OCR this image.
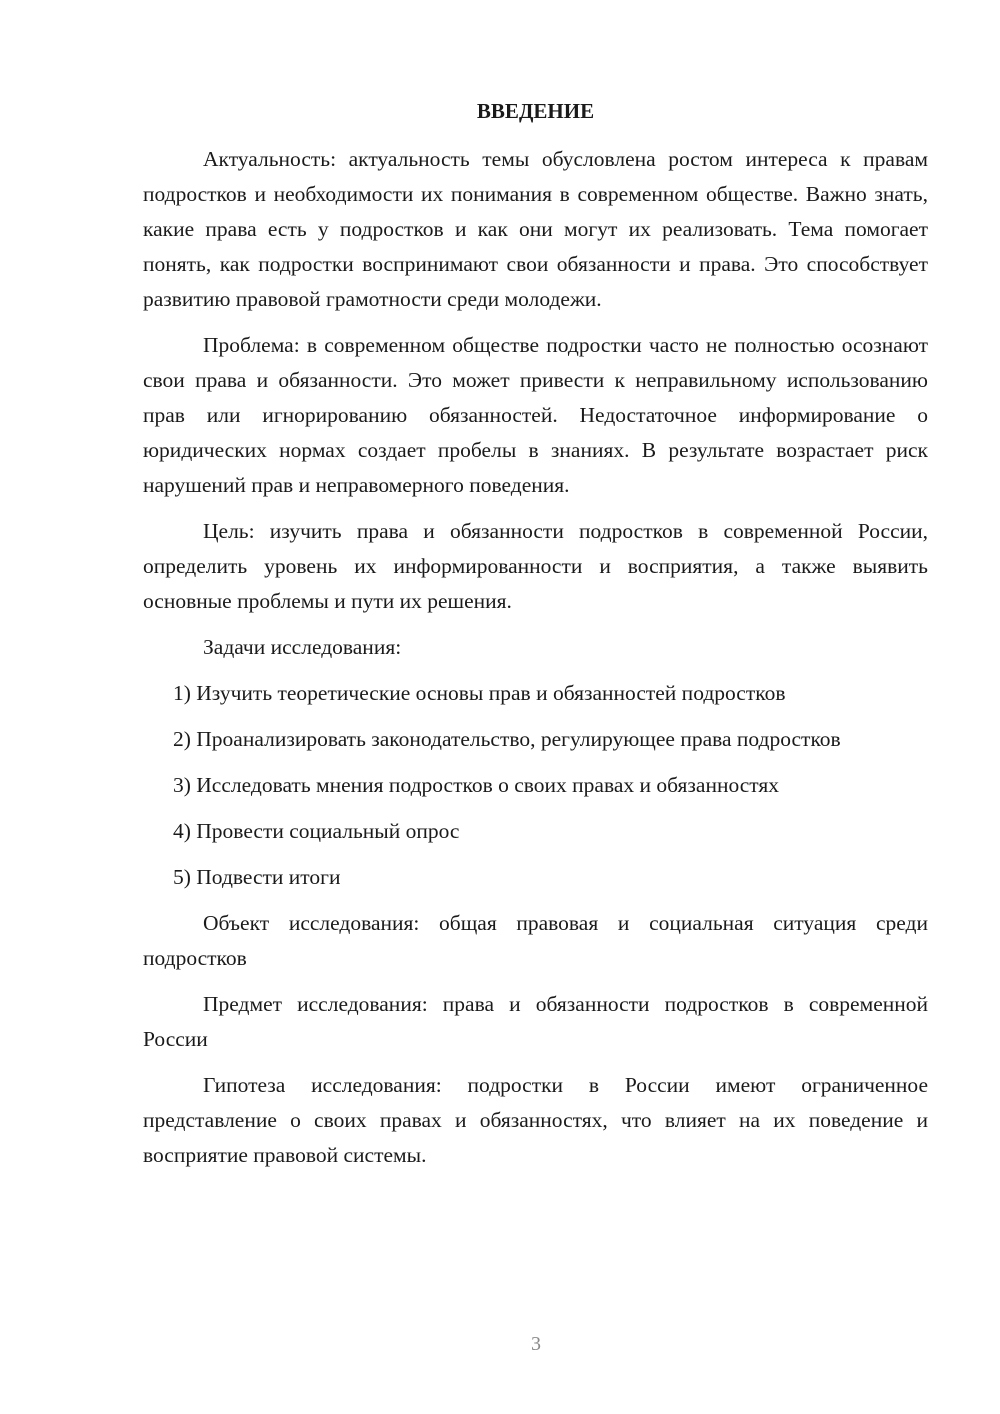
ВВЕДЕНИЕ

Актуальность: актуальность темы обусловлена ростом интереса к правам подростков и необходимости их понимания в современном обществе. Важно знать, какие права есть у подростков и как они могут их реализовать. Тема помогает понять, как подростки воспринимают свои обязанности и права. Это способствует развитию правовой грамотности среди молодежи.

Проблема: в современном обществе подростки часто не полностью осознают свои права и обязанности. Это может привести к неправильному использованию прав или игнорированию обязанностей. Недостаточное информирование о юридических нормах создает пробелы в знаниях. В результате возрастает риск нарушений прав и неправомерного поведения.

Цель: изучить права и обязанности подростков в современной России, определить уровень их информированности и восприятия, а также выявить основные проблемы и пути их решения.

Задачи исследования:

1) Изучить теоретические основы прав и обязанностей подростков

2) Проанализировать законодательство, регулирующее права подростков

3) Исследовать мнения подростков о своих правах и обязанностях

4) Провести социальный опрос

5) Подвести итоги

Объект исследования: общая правовая и социальная ситуация среди подростков

Предмет исследования: права и обязанности подростков в современной России

Гипотеза исследования: подростки в России имеют ограниченное представление о своих правах и обязанностях, что влияет на их поведение и восприятие правовой системы.

3
